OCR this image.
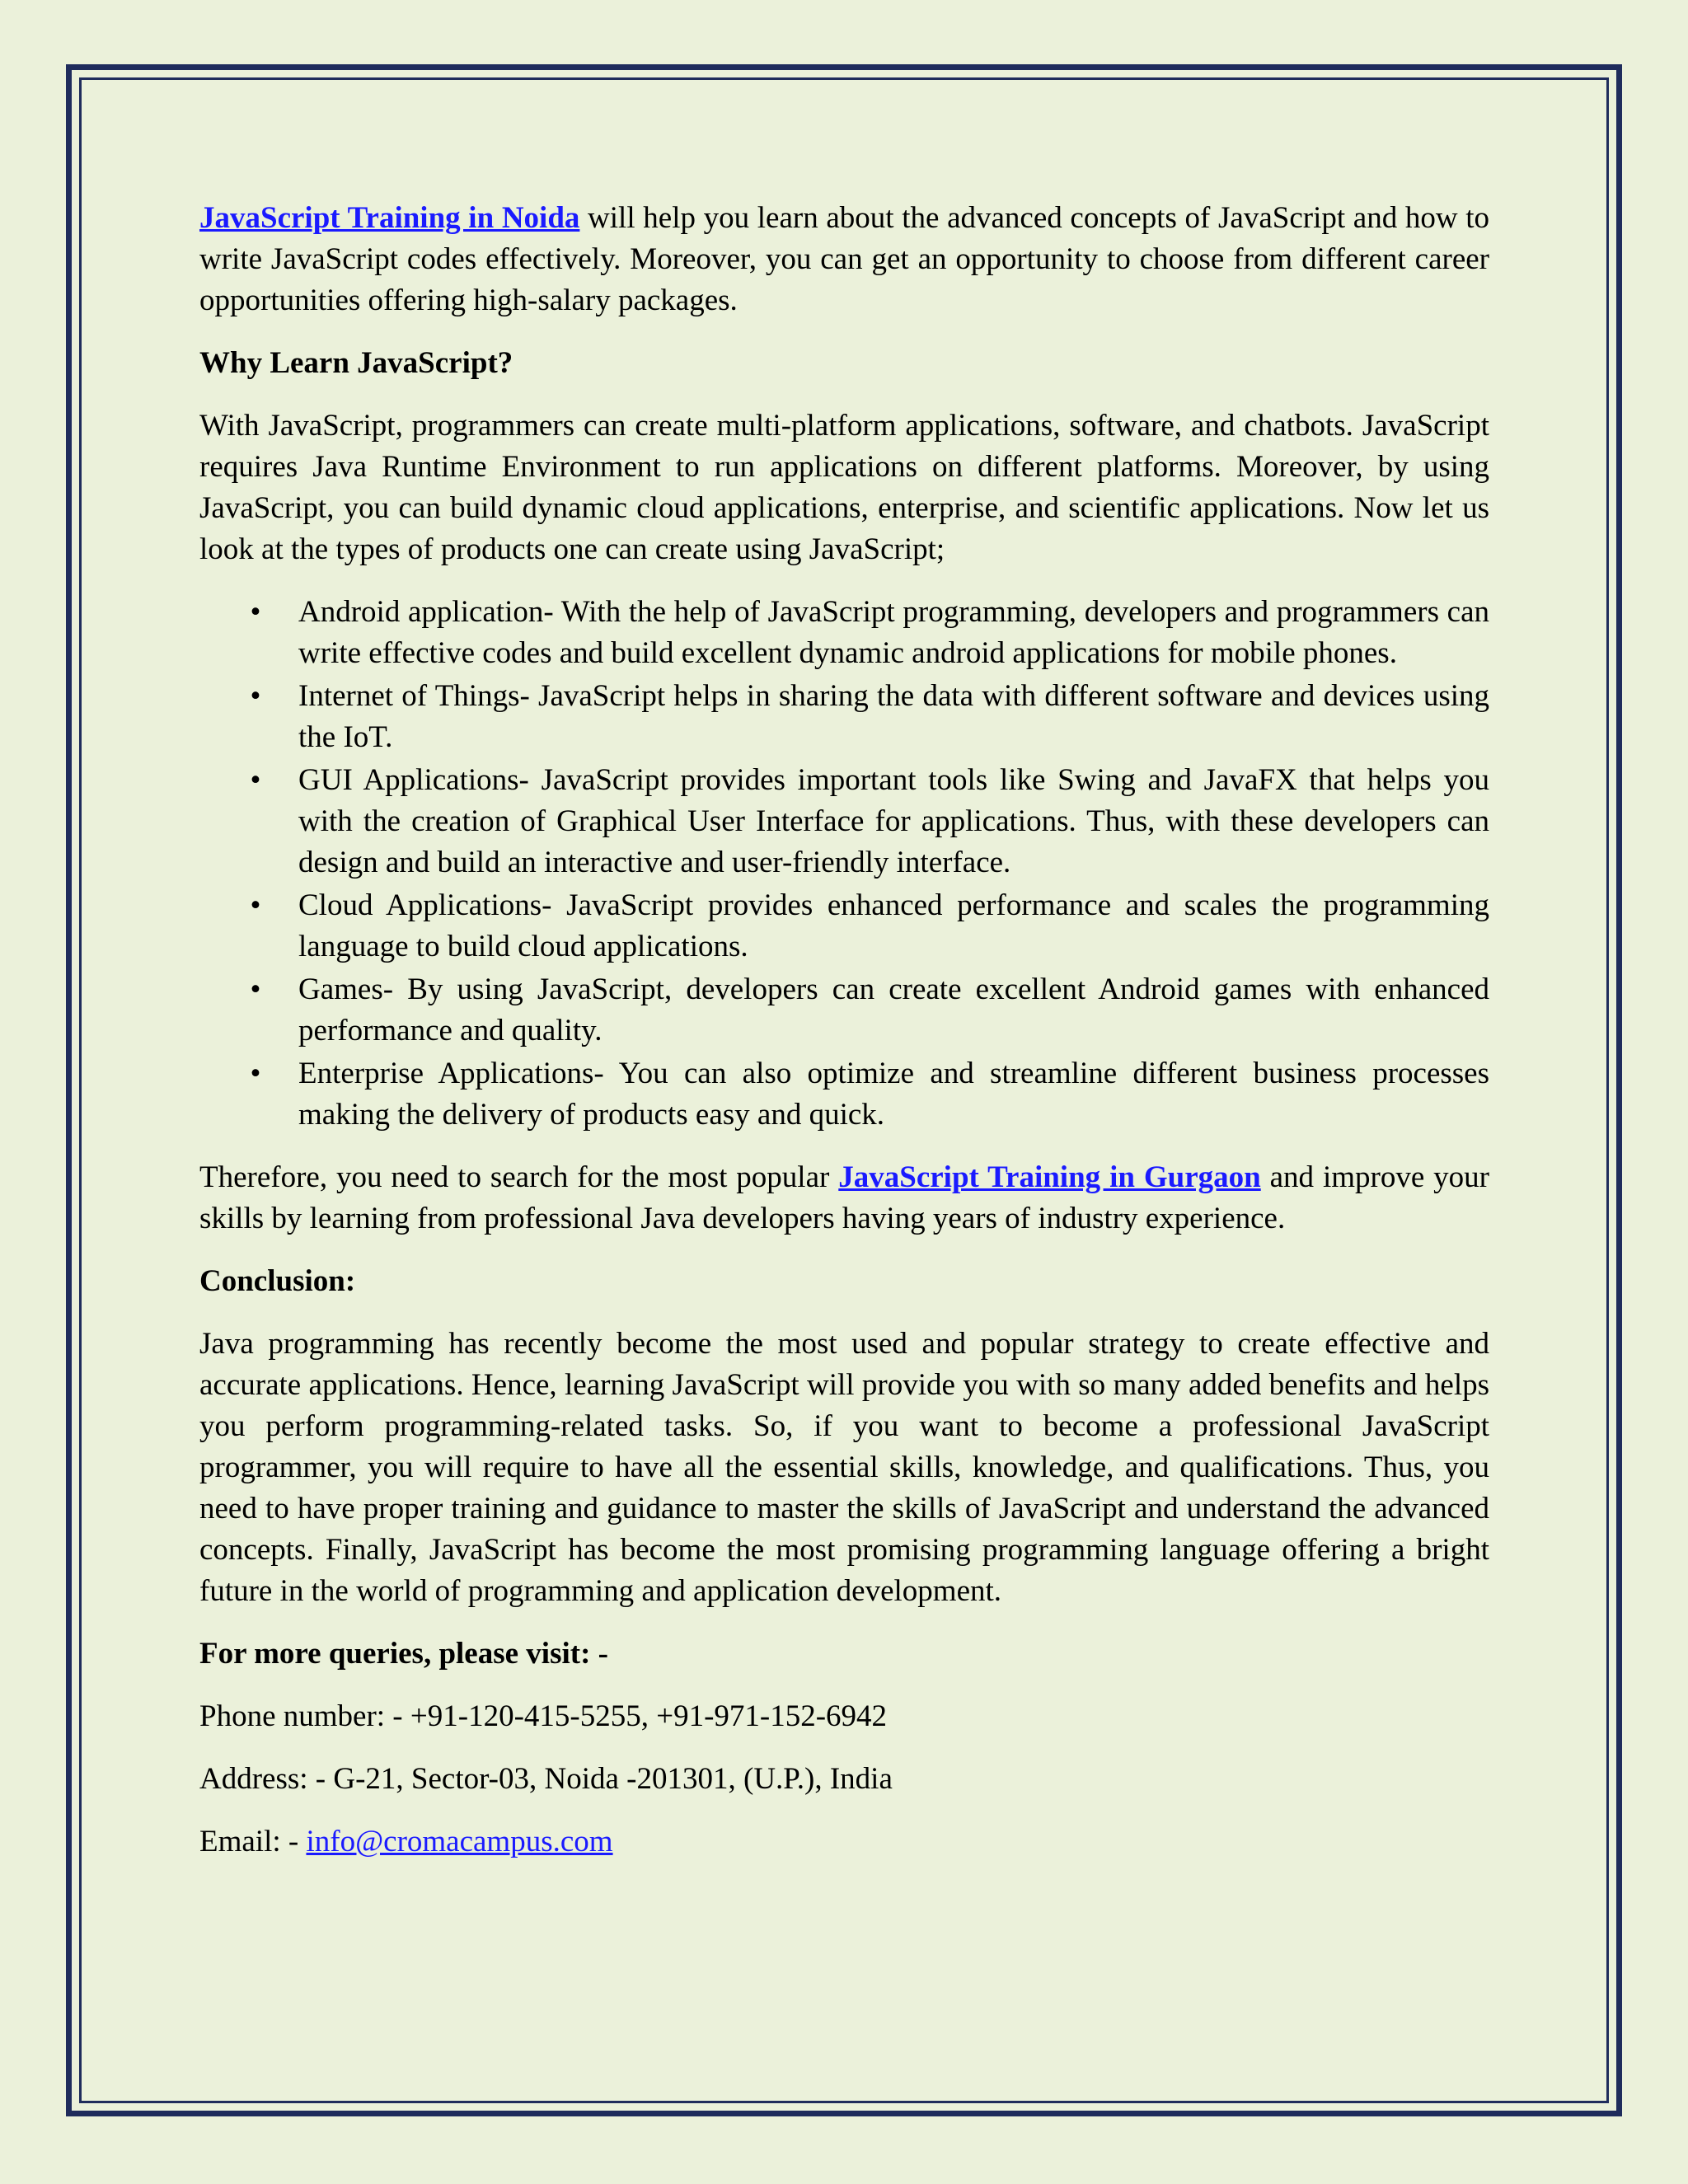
JavaScript Training in Noida will help you learn about the advanced concepts of JavaScript and how to write JavaScript codes effectively. Moreover, you can get an opportunity to choose from different career opportunities offering high-salary packages.

Why Learn JavaScript?

With JavaScript, programmers can create multi-platform applications, software, and chatbots. JavaScript requires Java Runtime Environment to run applications on different platforms. Moreover, by using JavaScript, you can build dynamic cloud applications, enterprise, and scientific applications. Now let us look at the types of products one can create using JavaScript;

• Android application- With the help of JavaScript programming, developers and programmers can write effective codes and build excellent dynamic android applications for mobile phones.
• Internet of Things- JavaScript helps in sharing the data with different software and devices using the IoT.
• GUI Applications- JavaScript provides important tools like Swing and JavaFX that helps you with the creation of Graphical User Interface for applications. Thus, with these developers can design and build an interactive and user-friendly interface.
• Cloud Applications- JavaScript provides enhanced performance and scales the programming language to build cloud applications.
• Games- By using JavaScript, developers can create excellent Android games with enhanced performance and quality.
• Enterprise Applications- You can also optimize and streamline different business processes making the delivery of products easy and quick.

Therefore, you need to search for the most popular JavaScript Training in Gurgaon and improve your skills by learning from professional Java developers having years of industry experience.

Conclusion:

Java programming has recently become the most used and popular strategy to create effective and accurate applications. Hence, learning JavaScript will provide you with so many added benefits and helps you perform programming-related tasks. So, if you want to become a professional JavaScript programmer, you will require to have all the essential skills, knowledge, and qualifications. Thus, you need to have proper training and guidance to master the skills of JavaScript and understand the advanced concepts. Finally, JavaScript has become the most promising programming language offering a bright future in the world of programming and application development.

For more queries, please visit: -

Phone number: - +91-120-415-5255, +91-971-152-6942

Address: - G-21, Sector-03, Noida -201301, (U.P.), India

Email: - info@cromacampus.com
